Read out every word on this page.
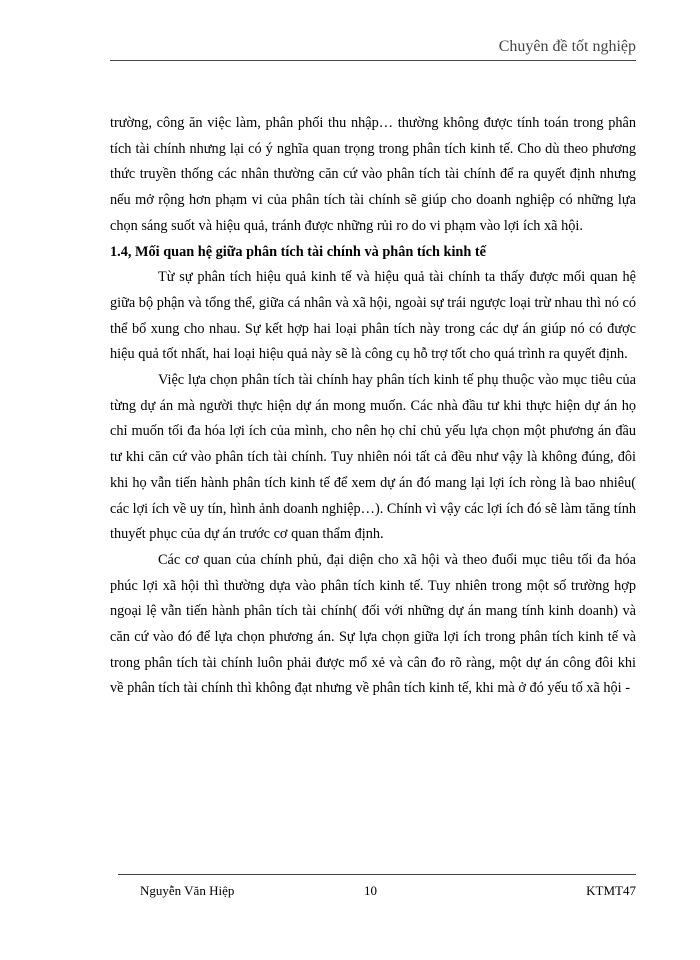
Chuyên đề tốt nghiệp

trường, công ăn việc làm, phân phối thu nhập… thường không được tính toán trong phân tích tài chính nhưng lại có ý nghĩa quan trọng trong phân tích kinh tế. Cho dù theo phương thức truyền thống các nhân thường căn cứ vào phân tích tài chính để ra quyết định nhưng nếu mở rộng hơn phạm vi của phân tích tài chính sẽ giúp cho doanh nghiệp có những lựa chọn sáng suốt và hiệu quả, tránh được những rủi ro do vi phạm vào lợi ích xã hội.

1.4, Mối quan hệ giữa phân tích tài chính và phân tích kinh tế

Từ sự phân tích hiệu quả kinh tế và hiệu quả tài chính ta thấy được mối quan hệ giữa bộ phận và tổng thể, giữa cá nhân và xã hội, ngoài sự trái ngược loại trừ nhau thì nó có thể bổ xung cho nhau. Sự kết hợp hai loại phân tích này trong các dự án giúp nó có được hiệu quả tốt nhất, hai loại hiệu quả này sẽ là công cụ hỗ trợ tốt cho quá trình ra quyết định.

Việc lựa chọn phân tích tài chính hay phân tích kinh tế phụ thuộc vào mục tiêu của từng dự án mà người thực hiện dự án mong muốn. Các nhà đầu tư khi thực hiện dự án họ chỉ muốn tối đa hóa lợi ích của mình, cho nên họ chỉ chủ yếu lựa chọn một phương án đầu tư khi căn cứ vào phân tích tài chính. Tuy nhiên nói tất cả đều như vậy là không đúng, đôi khi họ vẫn tiến hành phân tích kinh tế để xem dự án đó mang lại lợi ích ròng là bao nhiêu( các lợi ích về uy tín, hình ảnh doanh nghiệp…). Chính vì vậy các lợi ích đó sẽ làm tăng tính thuyết phục của dự án trước cơ quan thẩm định.

Các cơ quan của chính phủ, đại diện cho xã hội và theo đuổi mục tiêu tối đa hóa phúc lợi xã hội thì thường dựa vào phân tích kinh tế. Tuy nhiên trong một số trường hợp ngoại lệ vẫn tiến hành phân tích tài chính( đối với những dự án mang tính kinh doanh) và căn cứ vào đó để lựa chọn phương án. Sự lựa chọn giữa lợi ích trong phân tích kinh tế và trong phân tích tài chính luôn phải được mổ xẻ và cân đo rõ ràng, một dự án công đôi khi về phân tích tài chính thì không đạt nhưng về phân tích kinh tế, khi mà ở đó yếu tố xã hội -

Nguyễn Văn Hiệp	10	KTMT47
